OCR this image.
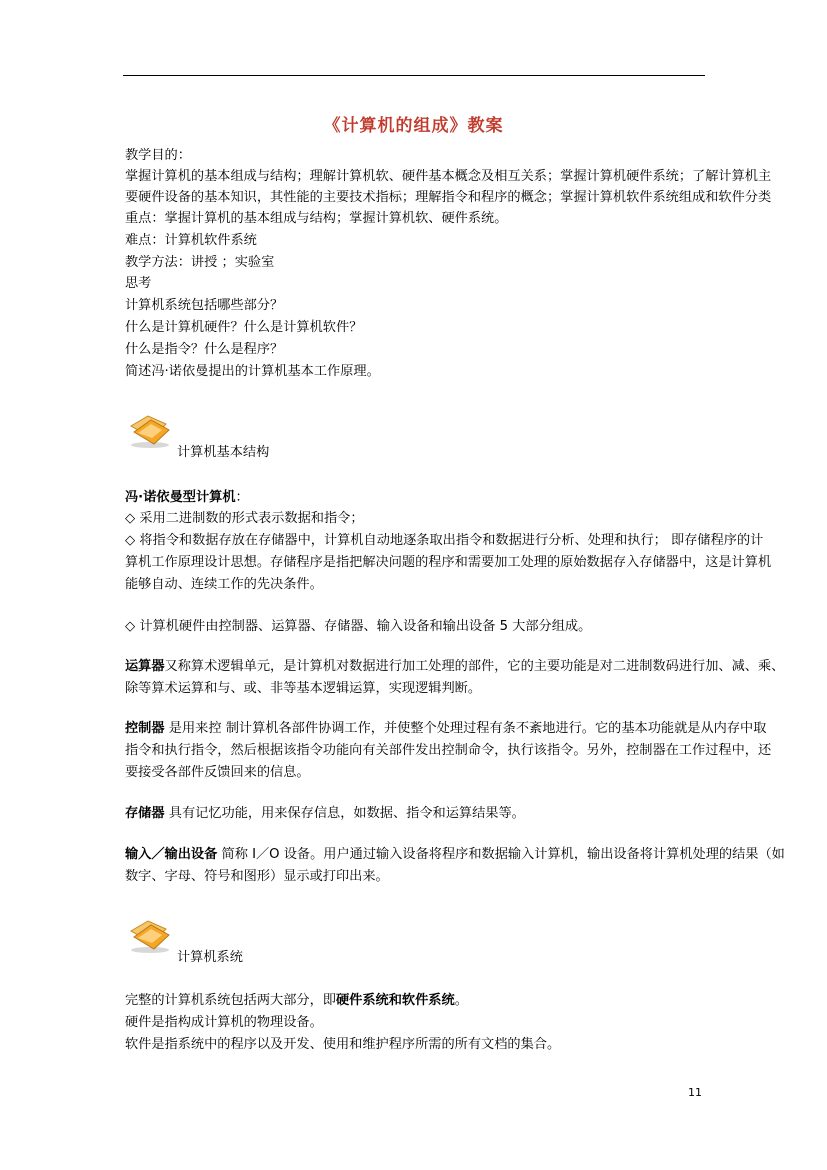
《计算机的组成》教案
教学目的：
掌握计算机的基本组成与结构；理解计算机软、硬件基本概念及相互关系；掌握计算机硬件系统；了解计算机主
要硬件设备的基本知识，其性能的主要技术指标；理解指令和程序的概念；掌握计算机软件系统组成和软件分类
重点：掌握计算机的基本组成与结构；掌握计算机软、硬件系统。
难点：计算机软件系统
教学方法：讲授 ；实验室
思考
计算机系统包括哪些部分？
什么是计算机硬件？什么是计算机软件？
什么是指令？什么是程序？
简述冯·诺依曼提出的计算机基本工作原理。
计算机基本结构
冯·诺依曼型计算机：
◇ 采用二进制数的形式表示数据和指令；
◇ 将指令和数据存放在存储器中，计算机自动地逐条取出指令和数据进行分析、处理和执行； 即存储程序的计
算机工作原理设计思想。存储程序是指把解决问题的程序和需要加工处理的原始数据存入存储器中，这是计算机
能够自动、连续工作的先决条件。
◇ 计算机硬件由控制器、运算器、存储器、输入设备和输出设备 5 大部分组成。
运算器又称算术逻辑单元，是计算机对数据进行加工处理的部件，它的主要功能是对二进制数码进行加、减、乘、
除等算术运算和与、或、非等基本逻辑运算，实现逻辑判断。
控制器 是用来控 制计算机各部件协调工作，并使整个处理过程有条不紊地进行。它的基本功能就是从内存中取
指令和执行指令，然后根据该指令功能向有关部件发出控制命令，执行该指令。另外，控制器在工作过程中，还
要接受各部件反馈回来的信息。
存储器 具有记忆功能，用来保存信息，如数据、指令和运算结果等。
输入／输出设备 简称 I／O 设备。用户通过输入设备将程序和数据输入计算机，输出设备将计算机处理的结果（如
数字、字母、符号和图形）显示或打印出来。
计算机系统
完整的计算机系统包括两大部分，即硬件系统和软件系统。
硬件是指构成计算机的物理设备。
软件是指系统中的程序以及开发、使用和维护程序所需的所有文档的集合。
11
